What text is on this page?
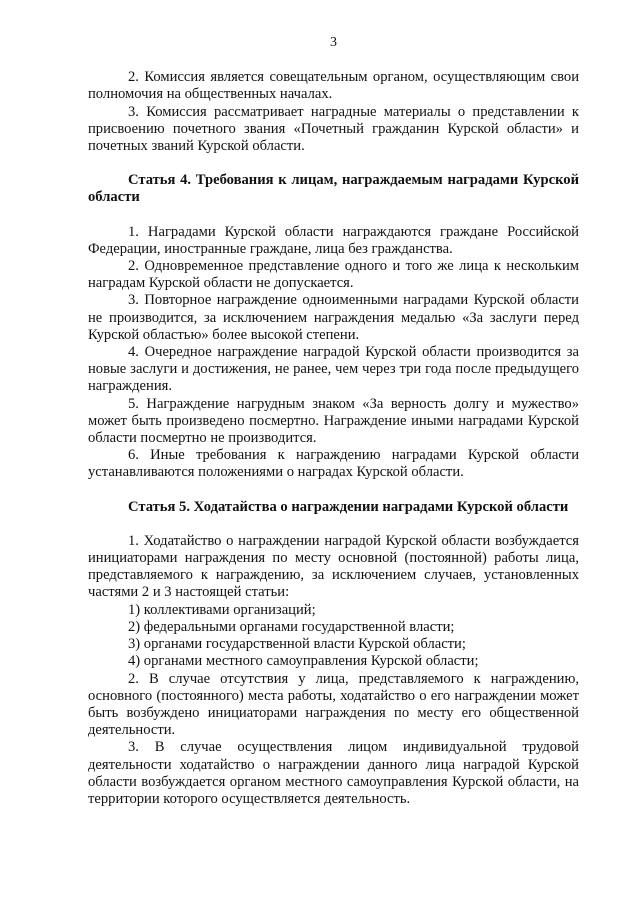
3

2. Комиссия является совещательным органом, осуществляющим свои полномочия на общественных началах.

3. Комиссия рассматривает наградные материалы о представлении к присвоению почетного звания «Почетный гражданин Курской области» и почетных званий Курской области.

Статья 4. Требования к лицам, награждаемым наградами Курской области

1. Наградами Курской области награждаются граждане Российской Федерации, иностранные граждане, лица без гражданства.

2. Одновременное представление одного и того же лица к нескольким наградам Курской области не допускается.

3. Повторное награждение одноименными наградами Курской области не производится, за исключением награждения медалью «За заслуги перед Курской областью» более высокой степени.

4. Очередное награждение наградой Курской области производится за новые заслуги и достижения, не ранее, чем через три года после предыдущего награждения.

5. Награждение нагрудным знаком «За верность долгу и мужество» может быть произведено посмертно. Награждение иными наградами Курской области посмертно не производится.

6. Иные требования к награждению наградами Курской области устанавливаются положениями о наградах Курской области.

Статья 5. Ходатайства о награждении наградами Курской области

1. Ходатайство о награждении наградой Курской области возбуждается инициаторами награждения по месту основной (постоянной) работы лица, представляемого к награждению, за исключением случаев, установленных частями 2 и 3 настоящей статьи:

1) коллективами организаций;
2) федеральными органами государственной власти;
3) органами государственной власти Курской области;
4) органами местного самоуправления Курской области;

2. В случае отсутствия у лица, представляемого к награждению, основного (постоянного) места работы, ходатайство о его награждении может быть возбуждено инициаторами награждения по месту его общественной деятельности.

3. В случае осуществления лицом индивидуальной трудовой деятельности ходатайство о награждении данного лица наградой Курской области возбуждается органом местного самоуправления Курской области, на территории которого осуществляется деятельность.
